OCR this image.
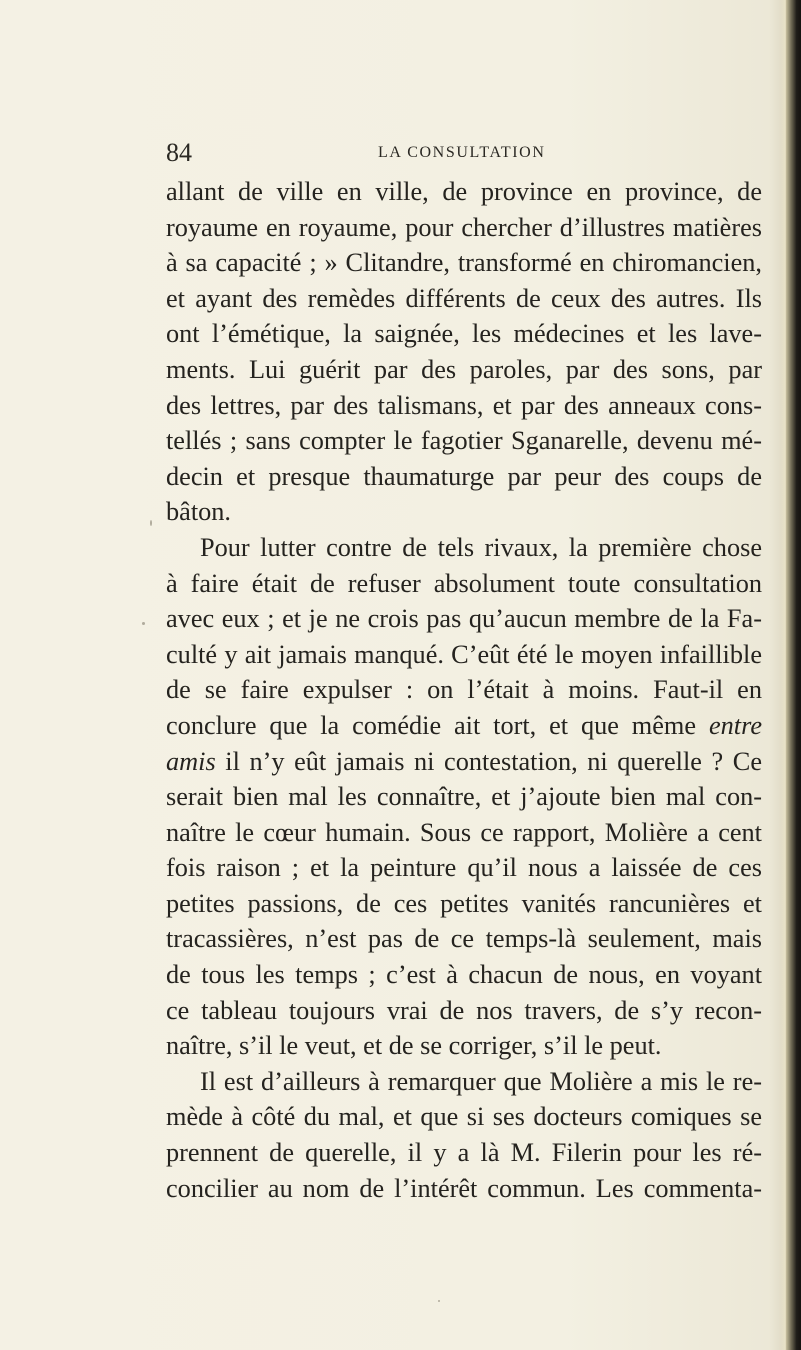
84	LA CONSULTATION
allant de ville en ville, de province en province, de
royaume en royaume, pour chercher d’illustres matières
à sa capacité ; » Clitandre, transformé en chiromancien,
et ayant des remèdes différents de ceux des autres. Ils
ont l’émétique, la saignée, les médecines et les lave-
ments. Lui guérit par des paroles, par des sons, par
des lettres, par des talismans, et par des anneaux cons-
tellés ; sans compter le fagotier Sganarelle, devenu mé-
decin et presque thaumaturge par peur des coups de
bâton.
Pour lutter contre de tels rivaux, la première chose
à faire était de refuser absolument toute consultation
avec eux ; et je ne crois pas qu’aucun membre de la Fa-
culté y ait jamais manqué. C’eût été le moyen infaillible
de se faire expulser : on l’était à moins. Faut-il en
conclure que la comédie ait tort, et que même entre
amis il n’y eût jamais ni contestation, ni querelle ? Ce
serait bien mal les connaître, et j’ajoute bien mal con-
naître le cœur humain. Sous ce rapport, Molière a cent
fois raison ; et la peinture qu’il nous a laissée de ces
petites passions, de ces petites vanités rancunières et
tracassières, n’est pas de ce temps-là seulement, mais
de tous les temps ; c’est à chacun de nous, en voyant
ce tableau toujours vrai de nos travers, de s’y recon-
naître, s’il le veut, et de se corriger, s’il le peut.
Il est d’ailleurs à remarquer que Molière a mis le re-
mède à côté du mal, et que si ses docteurs comiques se
prennent de querelle, il y a là M. Filerin pour les ré-
concilier au nom de l’intérêt commun. Les commenta-
